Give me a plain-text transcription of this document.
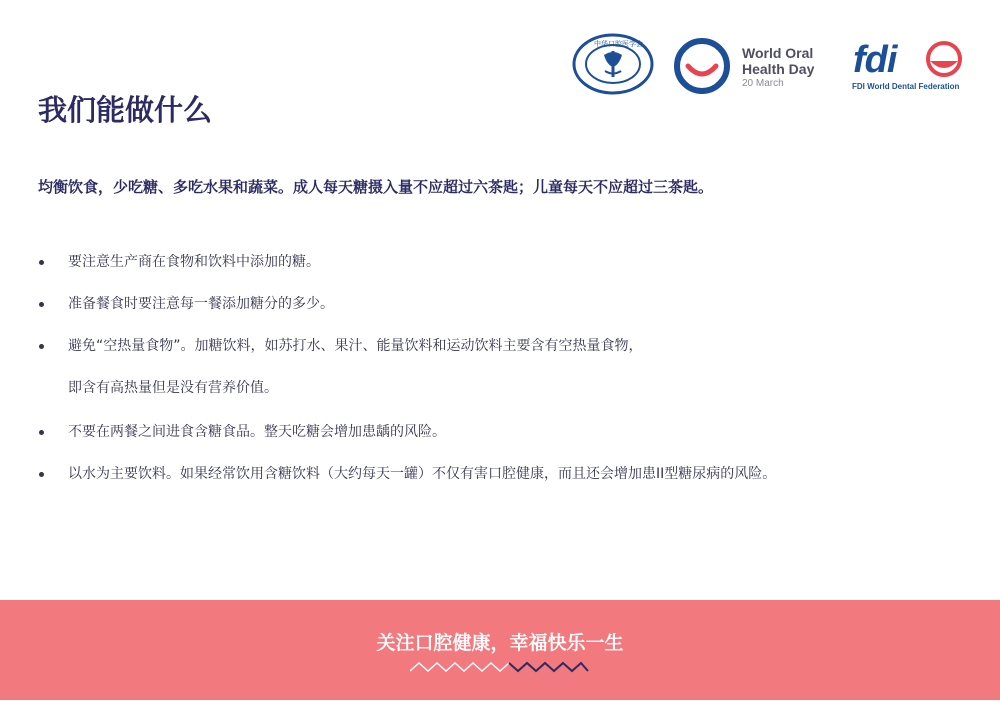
中华口腔医学会
World Oral
Health Day
20 March
fdi
FDI World Dental Federation
我们能做什么

均衡饮食，少吃糖、多吃水果和蔬菜。成人每天糖摄入量不应超过六茶匙；儿童每天不应超过三茶匙。

要注意生产商在食物和饮料中添加的糖。
准备餐食时要注意每一餐添加糖分的多少。
避免“空热量食物”。加糖饮料，如苏打水、果汁、能量饮料和运动饮料主要含有空热量食物，
即含有高热量但是没有营养价值。
不要在两餐之间进食含糖食品。整天吃糖会增加患龋的风险。
以水为主要饮料。如果经常饮用含糖饮料（大约每天一罐）不仅有害口腔健康，而且还会增加患II型糖尿病的风险。
关注口腔健康，幸福快乐一生
